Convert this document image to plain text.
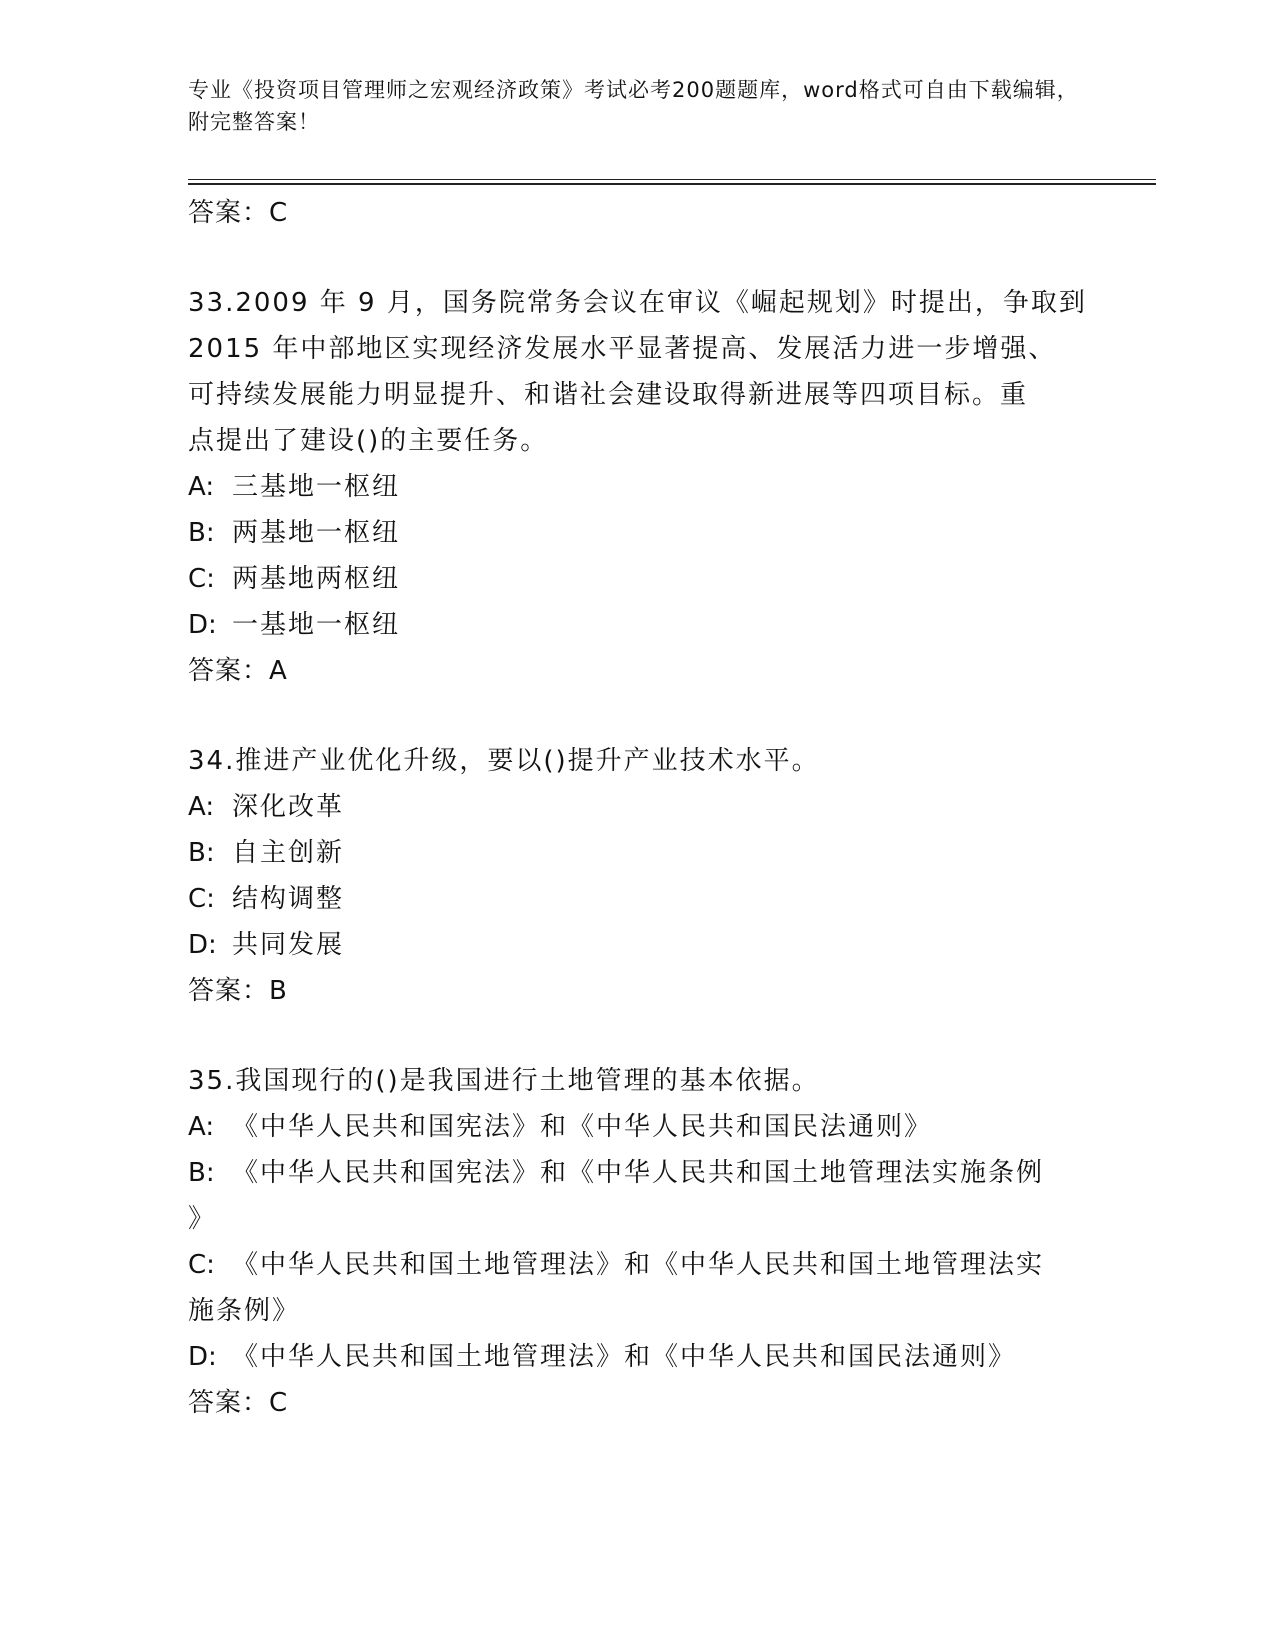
专业《投资项目管理师之宏观经济政策》考试必考200题题库，word格式可自由下载编辑，附完整答案！
答案：C
33.2009 年 9 月，国务院常务会议在审议《崛起规划》时提出，争取到
2015 年中部地区实现经济发展水平显著提高、发展活力进一步增强、
可持续发展能力明显提升、和谐社会建设取得新进展等四项目标。重
点提出了建设()的主要任务。
A: 三基地一枢纽
B: 两基地一枢纽
C: 两基地两枢纽
D: 一基地一枢纽
答案：A
34.推进产业优化升级，要以()提升产业技术水平。
A: 深化改革
B: 自主创新
C: 结构调整
D: 共同发展
答案：B
35.我国现行的()是我国进行土地管理的基本依据。
A: 《中华人民共和国宪法》和《中华人民共和国民法通则》
B: 《中华人民共和国宪法》和《中华人民共和国土地管理法实施条例
》
C: 《中华人民共和国土地管理法》和《中华人民共和国土地管理法实
施条例》
D: 《中华人民共和国土地管理法》和《中华人民共和国民法通则》
答案：C
